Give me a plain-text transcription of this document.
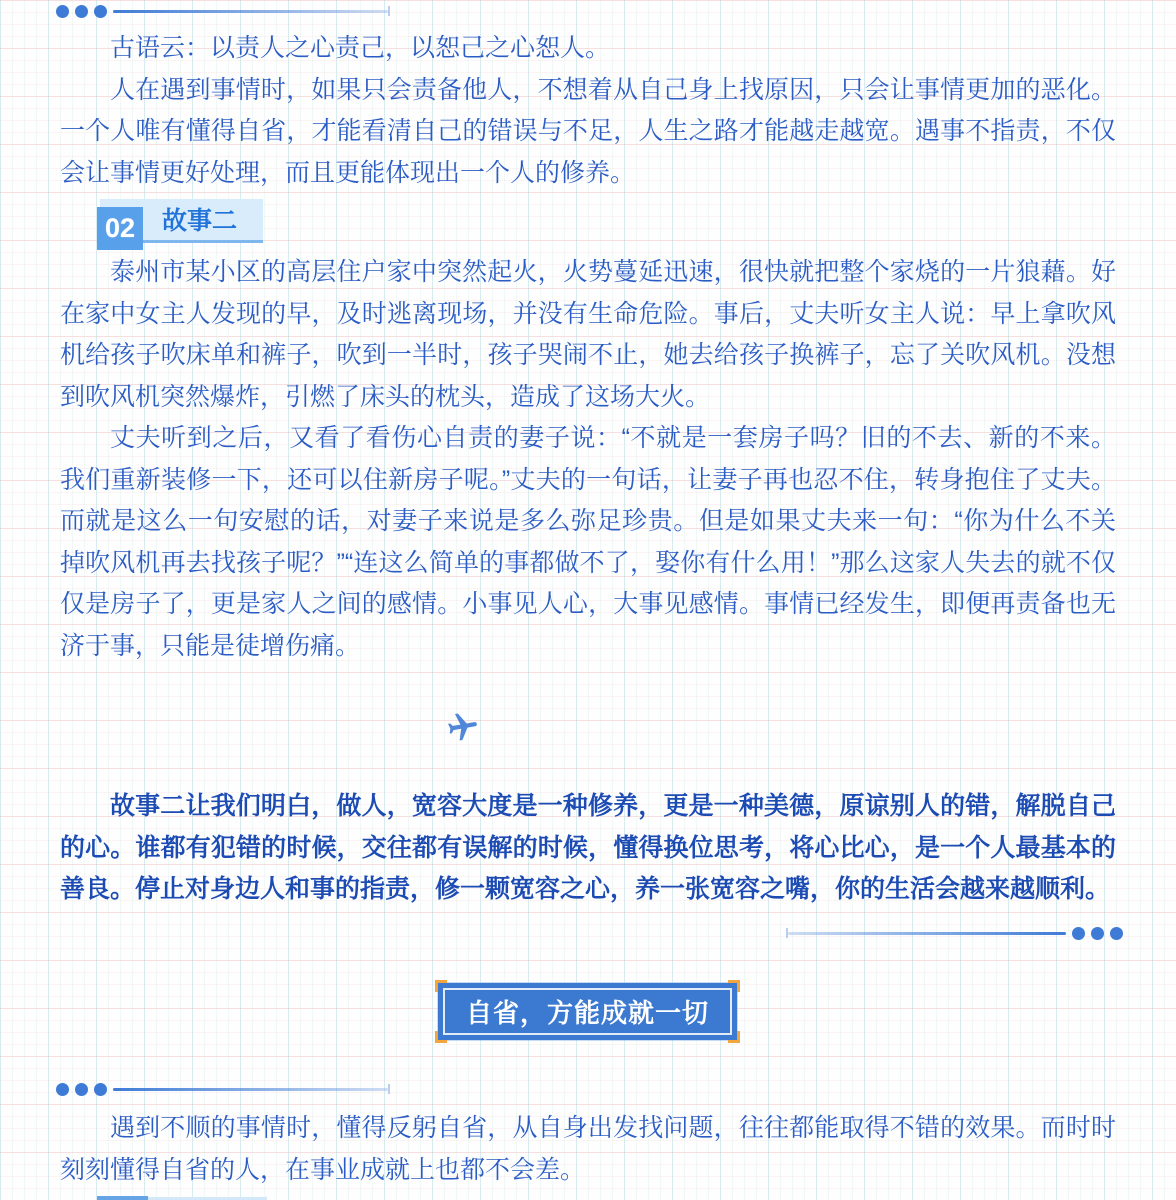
古语云：以责人之心责己，以恕己之心恕人。

人在遇到事情时，如果只会责备他人，不想着从自己身上找原因，只会让事情更加的恶化。一个人唯有懂得自省，才能看清自己的错误与不足，人生之路才能越走越宽。遇事不指责，不仅会让事情更好处理，而且更能体现出一个人的修养。

故事二
02

泰州市某小区的高层住户家中突然起火，火势蔓延迅速，很快就把整个家烧的一片狼藉。好在家中女主人发现的早，及时逃离现场，并没有生命危险。事后，丈夫听女主人说：早上拿吹风机给孩子吹床单和裤子，吹到一半时，孩子哭闹不止，她去给孩子换裤子，忘了关吹风机。没想到吹风机突然爆炸，引燃了床头的枕头，造成了这场大火。

丈夫听到之后，又看了看伤心自责的妻子说：“不就是一套房子吗？旧的不去、新的不来。我们重新装修一下，还可以住新房子呢。”丈夫的一句话，让妻子再也忍不住，转身抱住了丈夫。而就是这么一句安慰的话，对妻子来说是多么弥足珍贵。但是如果丈夫来一句：“你为什么不关掉吹风机再去找孩子呢？”“连这么简单的事都做不了，娶你有什么用！”那么这家人失去的就不仅仅是房子了，更是家人之间的感情。小事见人心，大事见感情。事情已经发生，即便再责备也无济于事，只能是徒增伤痛。

故事二让我们明白，做人，宽容大度是一种修养，更是一种美德，原谅别人的错，解脱自己的心。谁都有犯错的时候，交往都有误解的时候，懂得换位思考，将心比心，是一个人最基本的善良。停止对身边人和事的指责，修一颗宽容之心，养一张宽容之嘴，你的生活会越来越顺利。

自省，方能成就一切

遇到不顺的事情时，懂得反躬自省，从自身出发找问题，往往都能取得不错的效果。而时时刻刻懂得自省的人，在事业成就上也都不会差。
